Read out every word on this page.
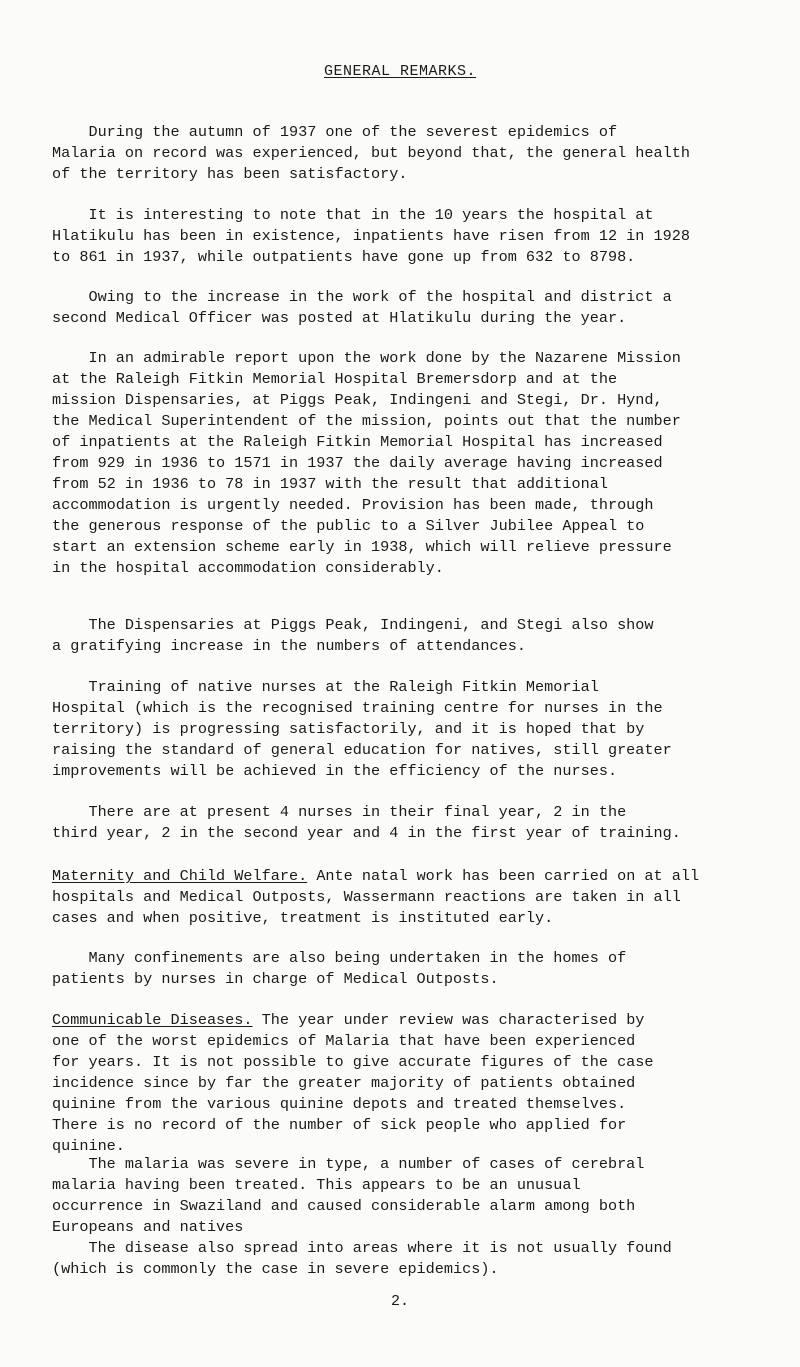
GENERAL REMARKS.
During the autumn of 1937 one of the severest epidemics of
Malaria on record was experienced, but beyond that, the general health
of the territory has been satisfactory.
It is interesting to note that in the 10 years the hospital at
Hlatikulu has been in existence, inpatients have risen from 12 in 1928
to 861 in 1937, while outpatients have gone up from 632 to 8798.
Owing to the increase in the work of the hospital and district a
second Medical Officer was posted at Hlatikulu during the year.
In an admirable report upon the work done by the Nazarene Mission
at the Raleigh Fitkin Memorial Hospital Bremersdorp and at the
mission Dispensaries, at Piggs Peak, Indingeni and Stegi, Dr. Hynd,
the Medical Superintendent of the mission, points out that the number
of inpatients at the Raleigh Fitkin Memorial Hospital has increased
from 929 in 1936 to 1571 in 1937 the daily average having increased
from 52 in 1936 to 78 in 1937 with the result that additional
accommodation is urgently needed. Provision has been made, through
the generous response of the public to a Silver Jubilee Appeal to
start an extension scheme early in 1938, which will relieve pressure
in the hospital accommodation considerably.
The Dispensaries at Piggs Peak, Indingeni, and Stegi also show
a gratifying increase in the numbers of attendances.
Training of native nurses at the Raleigh Fitkin Memorial
Hospital (which is the recognised training centre for nurses in the
territory) is progressing satisfactorily, and it is hoped that by
raising the standard of general education for natives, still greater
improvements will be achieved in the efficiency of the nurses.
There are at present 4 nurses in their final year, 2 in the
third year, 2 in the second year and 4 in the first year of training.
Maternity and Child Welfare. Ante natal work has been carried on at all
hospitals and Medical Outposts, Wassermann reactions are taken in all
cases and when positive, treatment is instituted early.
Many confinements are also being undertaken in the homes of
patients by nurses in charge of Medical Outposts.
Communicable Diseases. The year under review was characterised by
one of the worst epidemics of Malaria that have been experienced
for years. It is not possible to give accurate figures of the case
incidence since by far the greater majority of patients obtained
quinine from the various quinine depots and treated themselves.
There is no record of the number of sick people who applied for
quinine.
The malaria was severe in type, a number of cases of cerebral
malaria having been treated. This appears to be an unusual
occurrence in Swaziland and caused considerable alarm among both
Europeans and natives
The disease also spread into areas where it is not usually found
(which is commonly the case in severe epidemics).
2.
